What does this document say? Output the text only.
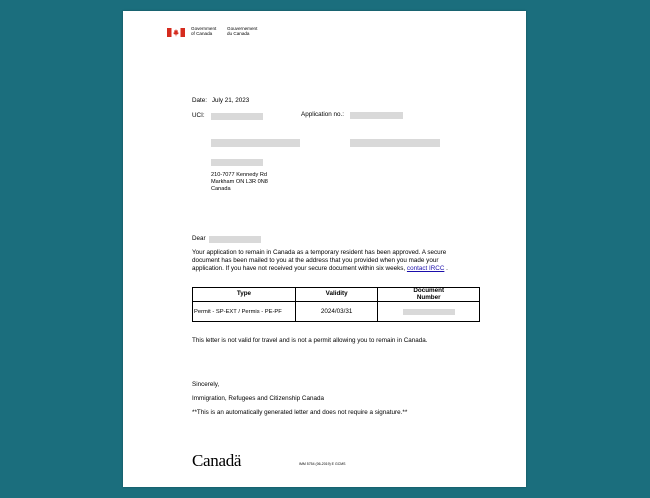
Government
of Canada
Gouvernement
du Canada
Date: July 21, 2023
UCI:	Application no.:
210-7077 Kennedy Rd
Markham ON L3R 0N8
Canada
Dear
Your application to remain in Canada as a temporary resident has been approved. A secure
document has been mailed to you at the address that you provided when you made your
application. If you have not received your secure document within six weeks, contact IRCC .
Type	Validity	Document
Number
Permit - SP-EXT / Permis - PE-PF	2024/03/31	
This letter is not valid for travel and is not a permit allowing you to remain in Canada.
Sincerely,
Immigration, Refugees and Citizenship Canada
**This is an automatically generated letter and does not require a signature.**
Canadä	IMM 5754 (06-2019) E GCMS
